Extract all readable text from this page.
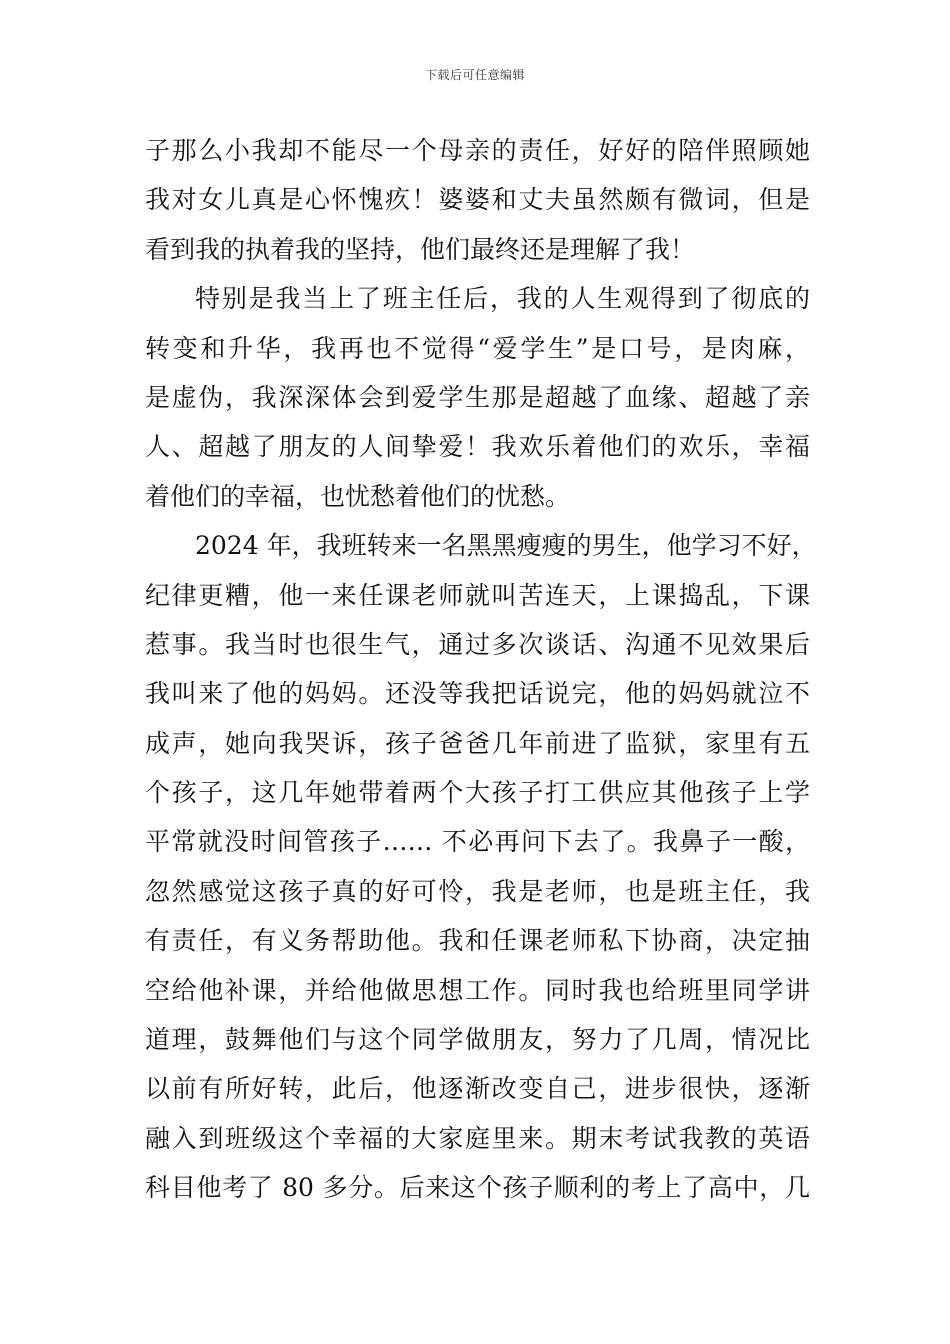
下载后可任意编辑
子那么小我却不能尽一个母亲的责任，好好的陪伴照顾她
我对女儿真是心怀愧疚！婆婆和丈夫虽然颇有微词，但是
看到我的执着我的坚持，他们最终还是理解了我！
特别是我当上了班主任后，我的人生观得到了彻底的
转变和升华，我再也不觉得“爱学生”是口号，是肉麻，
是虚伪，我深深体会到爱学生那是超越了血缘、超越了亲
人、超越了朋友的人间挚爱！我欢乐着他们的欢乐，幸福
着他们的幸福，也忧愁着他们的忧愁。
2024 年，我班转来一名黑黑瘦瘦的男生，他学习不好，
纪律更糟，他一来任课老师就叫苦连天，上课捣乱，下课
惹事。我当时也很生气，通过多次谈话、沟通不见效果后
我叫来了他的妈妈。还没等我把话说完，他的妈妈就泣不
成声，她向我哭诉，孩子爸爸几年前进了监狱，家里有五
个孩子，这几年她带着两个大孩子打工供应其他孩子上学
平常就没时间管孩子…… 不必再问下去了。我鼻子一酸，
忽然感觉这孩子真的好可怜，我是老师，也是班主任，我
有责任，有义务帮助他。我和任课老师私下协商，决定抽
空给他补课，并给他做思想工作。同时我也给班里同学讲
道理，鼓舞他们与这个同学做朋友，努力了几周，情况比
以前有所好转，此后，他逐渐改变自己，进步很快，逐渐
融入到班级这个幸福的大家庭里来。期末考试我教的英语
科目他考了 80 多分。后来这个孩子顺利的考上了高中，几
